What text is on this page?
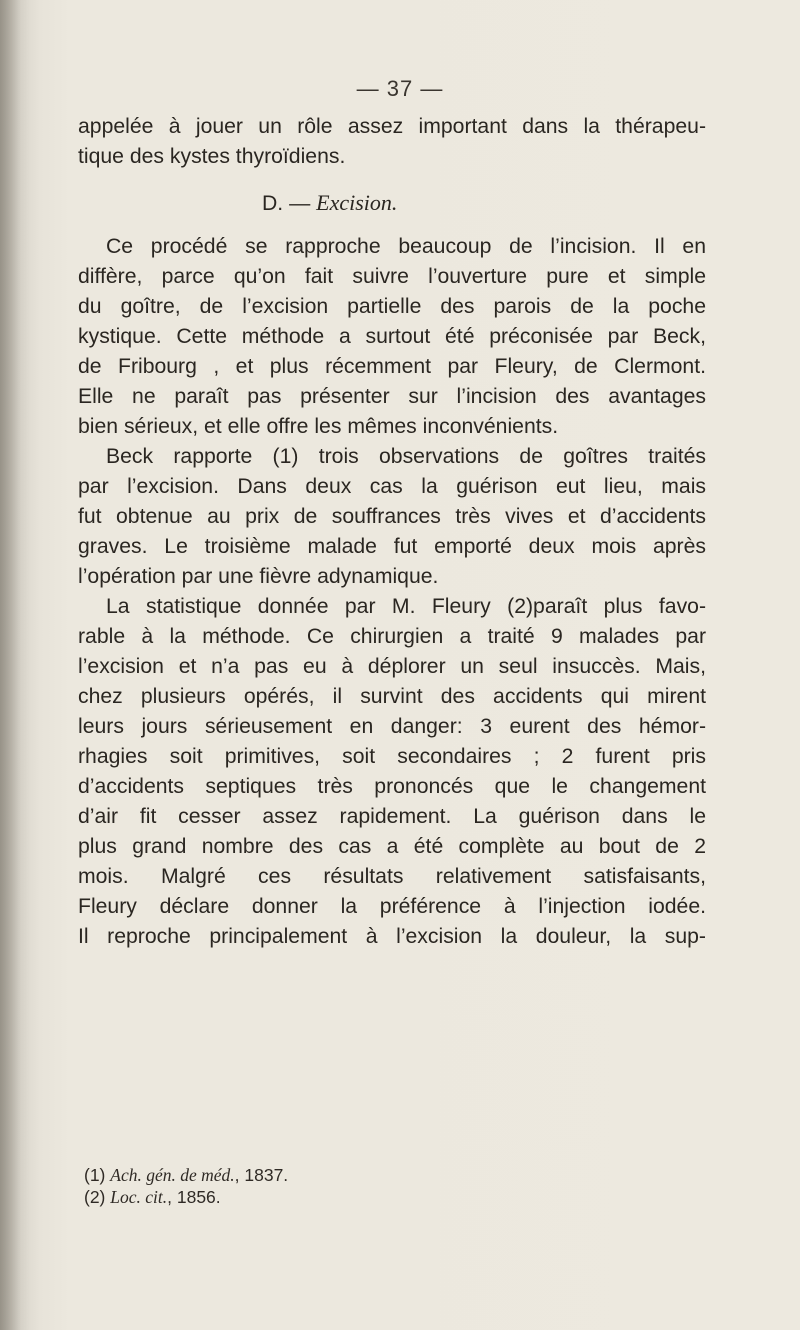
— 37 —
appelée à jouer un rôle assez important dans la thérapeu-
tique des kystes thyroïdiens.
D. — Excision.
Ce procédé se rapproche beaucoup de l’incision. Il en
diffère, parce qu’on fait suivre l’ouverture pure et simple
du goître, de l’excision partielle des parois de la poche
kystique. Cette méthode a surtout été préconisée par Beck,
de Fribourg , et plus récemment par Fleury, de Clermont.
Elle ne paraît pas présenter sur l’incision des avantages
bien sérieux, et elle offre les mêmes inconvénients.
Beck rapporte (1) trois observations de goîtres traités
par l’excision. Dans deux cas la guérison eut lieu, mais
fut obtenue au prix de souffrances très vives et d’accidents
graves. Le troisième malade fut emporté deux mois après
l’opération par une fièvre adynamique.
La statistique donnée par M. Fleury (2)paraît plus favo-
rable à la méthode. Ce chirurgien a traité 9 malades par
l’excision et n’a pas eu à déplorer un seul insuccès. Mais,
chez plusieurs opérés, il survint des accidents qui mirent
leurs jours sérieusement en danger: 3 eurent des hémor-
rhagies soit primitives, soit secondaires ; 2 furent pris
d’accidents septiques très prononcés que le changement
d’air fit cesser assez rapidement. La guérison dans le
plus grand nombre des cas a été complète au bout de 2
mois. Malgré ces résultats relativement satisfaisants,
Fleury déclare donner la préférence à l’injection iodée.
Il reproche principalement à l’excision la douleur, la sup-
(1) Ach. gén. de méd., 1837.
(2) Loc. cit., 1856.
